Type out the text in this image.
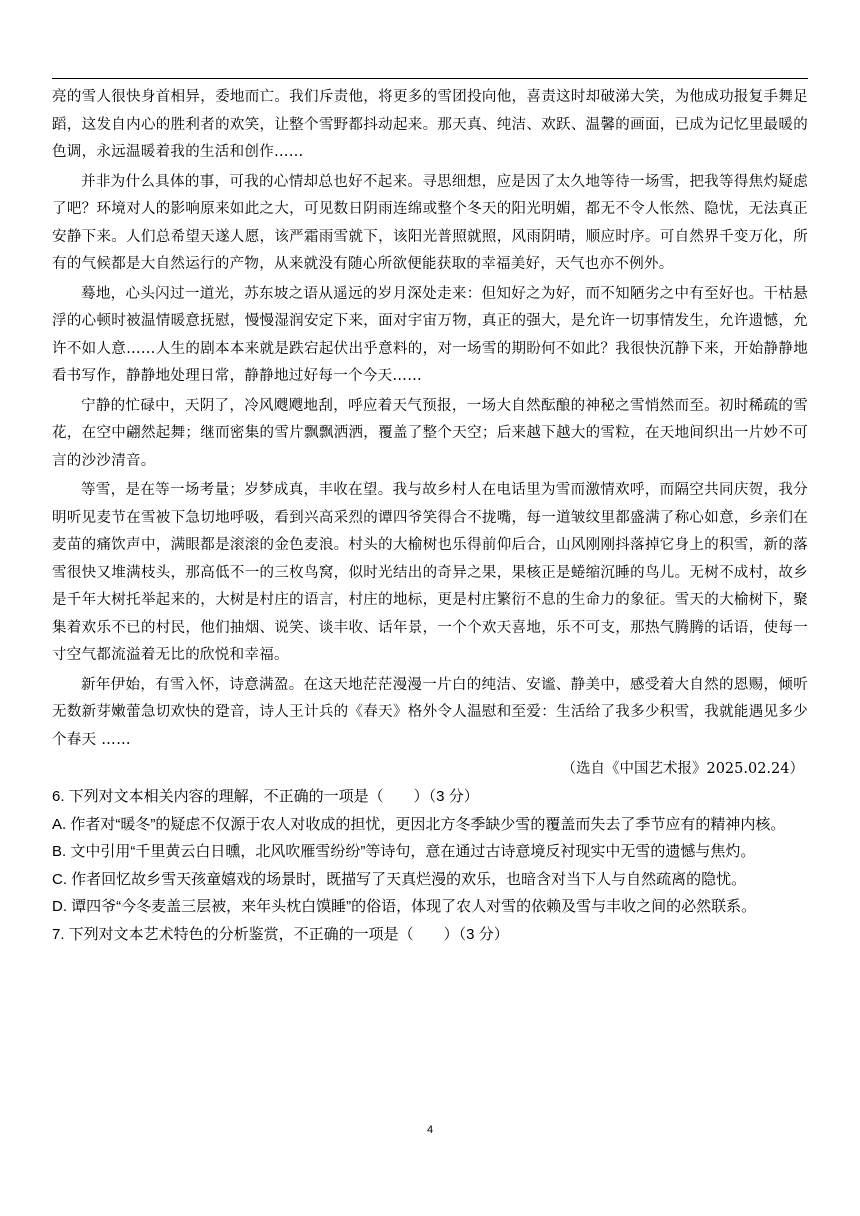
亮的雪人很快身首相异，委地而亡。我们斥责他，将更多的雪团投向他，喜责这时却破涕大笑，为他成功报复手舞足蹈，这发自内心的胜利者的欢笑，让整个雪野都抖动起来。那天真、纯洁、欢跃、温馨的画面，已成为记忆里最暖的色调，永远温暖着我的生活和创作……

并非为什么具体的事，可我的心情却总也好不起来。寻思细想，应是因了太久地等待一场雪，把我等得焦灼疑虑了吧？环境对人的影响原来如此之大，可见数日阴雨连绵或整个冬天的阳光明媚，都无不令人怅然、隐忧，无法真正安静下来。人们总希望天遂人愿，该严霜雨雪就下，该阳光普照就照，风雨阴晴，顺应时序。可自然界千变万化，所有的气候都是大自然运行的产物，从来就没有随心所欲便能获取的幸福美好，天气也亦不例外。

蓦地，心头闪过一道光，苏东坡之语从遥远的岁月深处走来：但知好之为好，而不知陋劣之中有至好也。干枯悬浮的心顿时被温情暖意抚慰，慢慢湿润安定下来，面对宇宙万物，真正的强大，是允许一切事情发生，允许遗憾，允许不如人意……人生的剧本本来就是跌宕起伏出乎意料的，对一场雪的期盼何不如此？我很快沉静下来，开始静静地看书写作，静静地处理日常，静静地过好每一个今天……

宁静的忙碌中，天阴了，冷风飕飕地刮，呼应着天气预报，一场大自然酝酿的神秘之雪悄然而至。初时稀疏的雪花，在空中翩然起舞；继而密集的雪片飘飘洒洒，覆盖了整个天空；后来越下越大的雪粒，在天地间织出一片妙不可言的沙沙清音。

等雪，是在等一场考量；岁梦成真，丰收在望。我与故乡村人在电话里为雪而激情欢呼，而隔空共同庆贺，我分明听见麦节在雪被下急切地呼吸，看到兴高采烈的谭四爷笑得合不拢嘴，每一道皱纹里都盛满了称心如意，乡亲们在麦苗的痛饮声中，满眼都是滚滚的金色麦浪。村头的大榆树也乐得前仰后合，山风刚刚抖落掉它身上的积雪，新的落雪很快又堆满枝头，那高低不一的三枚鸟窝，似时光结出的奇异之果，果核正是蜷缩沉睡的鸟儿。无树不成村，故乡是千年大树托举起来的，大树是村庄的语言，村庄的地标，更是村庄繁衍不息的生命力的象征。雪天的大榆树下，聚集着欢乐不已的村民，他们抽烟、说笑、谈丰收、话年景，一个个欢天喜地，乐不可支，那热气腾腾的话语，使每一寸空气都流溢着无比的欣悦和幸福。

新年伊始，有雪入怀，诗意满盈。在这天地茫茫漫漫一片白的纯洁、安谧、静美中，感受着大自然的恩赐，倾听无数新芽嫩蕾急切欢快的跫音，诗人王计兵的《春天》格外令人温慰和至爱：生活给了我多少积雪，我就能遇见多少个春天 ……

（选自《中国艺术报》2025.02.24）

6. 下列对文本相关内容的理解，不正确的一项是（　　）（3 分）

A. 作者对“暖冬”的疑虑不仅源于农人对收成的担忧，更因北方冬季缺少雪的覆盖而失去了季节应有的精神内核。

B. 文中引用“千里黄云白日曛，北风吹雁雪纷纷”等诗句，意在通过古诗意境反衬现实中无雪的遗憾与焦灼。

C. 作者回忆故乡雪天孩童嬉戏的场景时，既描写了天真烂漫的欢乐，也暗含对当下人与自然疏离的隐忧。

D. 谭四爷“今冬麦盖三层被，来年头枕白馍睡”的俗语，体现了农人对雪的依赖及雪与丰收之间的必然联系。

7. 下列对文本艺术特色的分析鉴赏，不正确的一项是（　　）（3 分）

4
